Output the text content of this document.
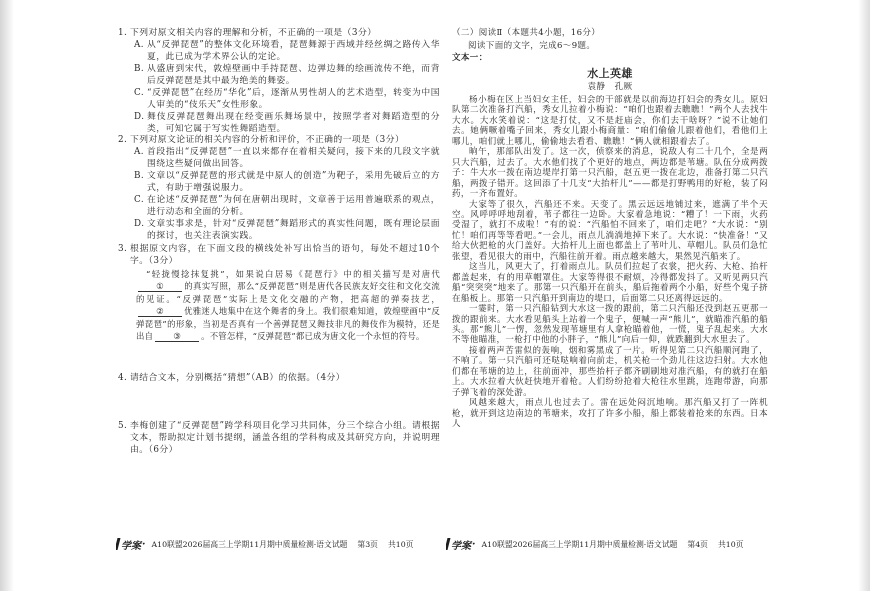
1. 下列对原文相关内容的理解和分析，不正确的一项是（3分）
A. 从“反弹琵琶”的整体文化环境看，琵琶舞源于西域并经丝绸之路传入华夏，此已成为学术界公认的定论。
B. 从盛唐到宋代，敦煌壁画中手持琵琶、边弹边舞的绘画流传不绝，而背后反弹琵琶是其中最为绝美的舞姿。
C. “反弹琵琶”在经历“华化”后，逐渐从男性胡人的艺术造型，转变为中国人审美的“伎乐天”女性形象。
D. 舞伎反弹琵琶舞出现在经变画乐舞场景中，按照学者对舞蹈造型的分类，可知它属于写实性舞蹈造型。
2. 下列对原文论证的相关内容的分析和评价，不正确的一项是（3分）
A. 首段指出“反弹琵琶”一直以来都存在着相关疑问，接下来的几段文字就围绕这些疑问做出回答。
B. 文章以“反弹琵琶的形式就是中原人的创造”为靶子，采用先破后立的方式，有助于增强说服力。
C. 在论述“反弹琵琶”为何在唐朝出现时，文章善于运用普遍联系的观点，进行动态和全面的分析。
D. 文章实事求是，针对“反弹琵琶”舞蹈形式的真实性问题，既有理论层面的探讨，也关注表演实践。
3. 根据原文内容，在下面文段的横线处补写出恰当的语句，每处不超过10个字。（3分）

“轻拢慢捻抹复挑”，如果说白居易《琵琶行》中的相关描写是对唐代① 的真实写照，那么“反弹琵琶”则是唐代各民族友好交往和文化交流的见证。“反弹琵琶”实际上是文化交融的产物，把高超的弹奏技艺，② 优雅迷人地集中在这个舞者的身上。我们很难知道，敦煌壁画中“反弹琵琶”的形象，当初是否真有一个善弹琵琶又舞技非凡的舞伎作为模特，还是出自 ③ 。不管怎样，“反弹琵琶”都已成为唐文化一个永恒的符号。

4. 请结合文本，分别概括“猜想”（AB）的依据。（4分）
5. 李梅创建了“反弹琵琶”跨学科项目化学习共同体，分三个综合小组。请根据文本，帮助拟定计划书提纲，涵盖各组的学科构成及其研究方向，并说明理由。（6分）
学案 · A10联盟2026届高三上学期11月期中质量检测·语文试题 第3页 共10页
（二）阅读Ⅱ（本题共4小题，16分）
阅读下面的文字，完成6～9题。
文本一：
水上英雄
袁静　孔厥

杨小梅在区上当妇女主任，妇会的干部就是以前海边打妇会的秀女儿。原妇队第二次准备打汽船，秀女儿拉着小梅说：“咱们也跟着去瞧瞧！”两个人去找牛大水。大水笑着说：“这是打仗，又不是赶庙会，你们去干啥呀？”说不让她们去。她俩噘着嘴子回来，秀女儿跟小梅商量：“咱们偷偷儿跟着他们，看他们上哪儿，咱们就上哪儿，偷偷地去看看、瞧瞧！”俩人就相跟着去了。

晌午，那部队出发了。这一次，侦察来的消息，说敌人有二十几个，全是两只大汽船，过去了。大水他们找了个更好的地点，两边都是苇塘。队伍分成两拨子：牛大水一拨在南边堤岸打第一只汽船，赵五更一拨在北边，准备打第二只汽船，两拨子错开。这回添了十几支“大抬杆儿”——都是打野鸭用的好枪，装了闷药，一齐布置好。

大家等了很久，汽船还不来。天变了。黑云远远地铺过来，遮满了半个天空。风呼呼呼地刮着，苇子都往一边卧。大家着急地说：“糟了！一下雨，火药受湿了，就打不成啦！”有的说：“汽船怕不回来了，咱们走吧？”大水说：“别忙！咱们再等等看吧。”一会儿，雨点儿淌淌地掉下来了。大水说：“快准备！”又给大伙把枪的火门盖好。大抬杆儿上面也都盖上了苇叶儿、草帽儿。队员们急忙张望，看见很大的雨中，汽船往前开着。雨点越来越大，果然见汽船来了。

这当儿，风更大了，打着雨点儿。队员们拉起了衣裳，把火药、大枪、抬杆都盖起来，有的用草帽罩住。大家等得很不耐烦，冷得都发抖了。又听见两只汽船“突突突”地来了。那第一只汽船开在前头，船后拖着两个小船，好些个鬼子挤在船板上。那第一只汽船开到南边的堤口，后面第二只还离得远远的。

一霎时，第一只汽船钻到大水这一拨的跟前，第二只汽船还没到赵五更那一拨的跟前来。大水看见船头上站着一个鬼子，便喊一声“熊儿”，就瞄准汽船的船头。那“熊儿”一愣，忽然发现苇塘里有人拿枪瞄着他，一慌，鬼子乱起来。大水不等他瞄准，一枪打中他的小胖子，“熊儿”向后一仰，就跌翻到大水里去了。

接着两声苦雷似的轰响，烟和雾黑成了一片。听得见第二只汽船顺河跑了，不响了。第一只汽船可还哒哒响着向前走，机关枪一个劲儿往这边扫射。大水他们都在苇塘的边上，往前面冲，那些抬杆子都齐刷刷地对准汽船，有的就打在船上。大水拉着大伙赶快地开着枪。人们纷纷抢着大枪往水里跳，连跑带游，向那子弹飞着的深处游。

风越来越大，雨点儿也过去了。雷在远处闷沉地响。那汽船又打了一阵机枪，就开到这边南边的苇塘来，攻打了许多小船，船上都装着抢来的东西。日本人

学案 · A10联盟2026届高三上学期11月期中质量检测·语文试题 第4页 共10页
